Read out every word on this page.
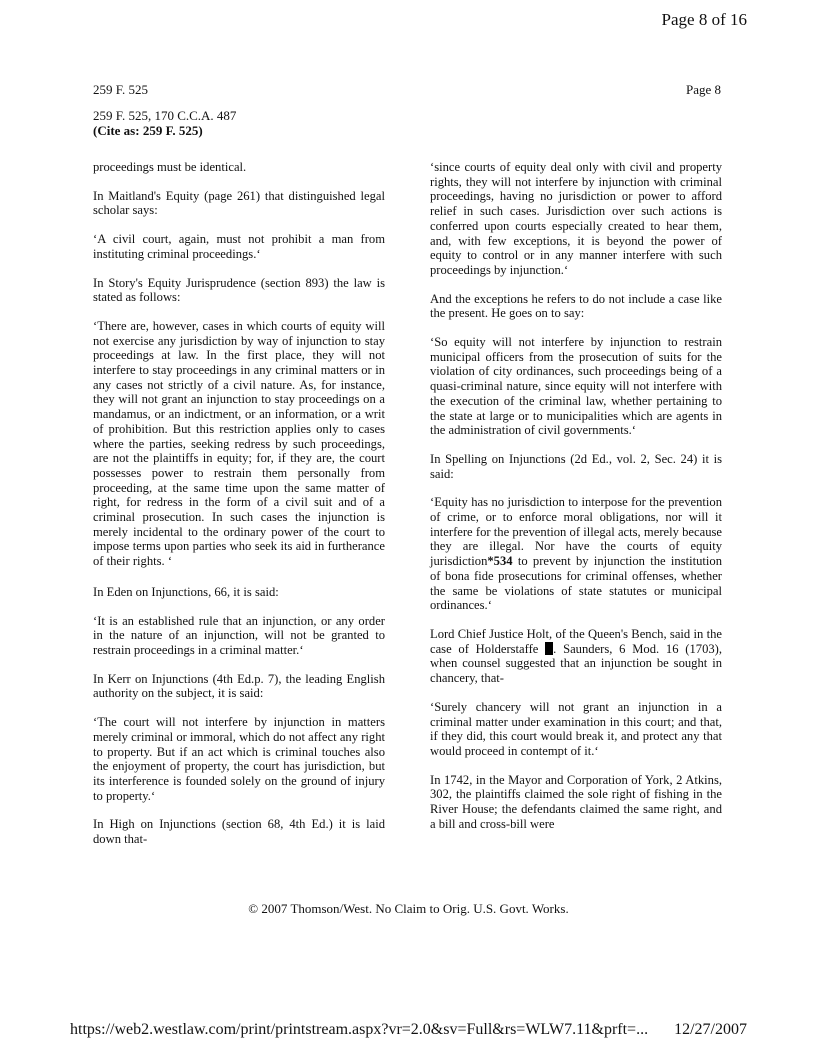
Page 8 of 16
259 F. 525	Page 8
259 F. 525, 170 C.C.A. 487
(Cite as: 259 F. 525)

proceedings must be identical.

In Maitland's Equity (page 261) that distinguished legal scholar says:

‘A civil court, again, must not prohibit a man from instituting criminal proceedings.‘

In Story's Equity Jurisprudence (section 893) the law is stated as follows:

‘There are, however, cases in which courts of equity will not exercise any jurisdiction by way of injunction to stay proceedings at law. In the first place, they will not interfere to stay proceedings in any criminal matters or in any cases not strictly of a civil nature. As, for instance, they will not grant an injunction to stay proceedings on a mandamus, or an indictment, or an information, or a writ of prohibition. But this restriction applies only to cases where the parties, seeking redress by such proceedings, are not the plaintiffs in equity; for, if they are, the court possesses power to restrain them personally from proceeding, at the same time upon the same matter of right, for redress in the form of a civil suit and of a criminal prosecution. In such cases the injunction is merely incidental to the ordinary power of the court to impose terms upon parties who seek its aid in furtherance of their rights. ‘

In Eden on Injunctions, 66, it is said:

‘It is an established rule that an injunction, or any order in the nature of an injunction, will not be granted to restrain proceedings in a criminal matter.‘

In Kerr on Injunctions (4th Ed.p. 7), the leading English authority on the subject, it is said:

‘The court will not interfere by injunction in matters merely criminal or immoral, which do not affect any right to property. But if an act which is criminal touches also the enjoyment of property, the court has jurisdiction, but its interference is founded solely on the ground of injury to property.‘

In High on Injunctions (section 68, 4th Ed.) it is laid down that-

‘since courts of equity deal only with civil and property rights, they will not interfere by injunction with criminal proceedings, having no jurisdiction or power to afford relief in such cases. Jurisdiction over such actions is conferred upon courts especially created to hear them, and, with few exceptions, it is beyond the power of equity to control or in any manner interfere with such proceedings by injunction.‘

And the exceptions he refers to do not include a case like the present. He goes on to say:

‘So equity will not interfere by injunction to restrain municipal officers from the prosecution of suits for the violation of city ordinances, such proceedings being of a quasi-criminal nature, since equity will not interfere with the execution of the criminal law, whether pertaining to the state at large or to municipalities which are agents in the administration of civil governments.‘

In Spelling on Injunctions (2d Ed., vol. 2, Sec. 24) it is said:

‘Equity has no jurisdiction to interpose for the prevention of crime, or to enforce moral obligations, nor will it interfere for the prevention of illegal acts, merely because they are illegal. Nor have the courts of equity jurisdiction*534 to prevent by injunction the institution of bona fide prosecutions for criminal offenses, whether the same be violations of state statutes or municipal ordinances.‘

Lord Chief Justice Holt, of the Queen's Bench, said in the case of Holderstaffe . Saunders, 6 Mod. 16 (1703), when counsel suggested that an injunction be sought in chancery, that-

‘Surely chancery will not grant an injunction in a criminal matter under examination in this court; and that, if they did, this court would break it, and protect any that would proceed in contempt of it.‘

In 1742, in the Mayor and Corporation of York, 2 Atkins, 302, the plaintiffs claimed the sole right of fishing in the River House; the defendants claimed the same right, and a bill and cross-bill were

© 2007 Thomson/West. No Claim to Orig. U.S. Govt. Works.
https://web2.westlaw.com/print/printstream.aspx?vr=2.0&sv=Full&rs=WLW7.11&prft=... 12/27/2007
